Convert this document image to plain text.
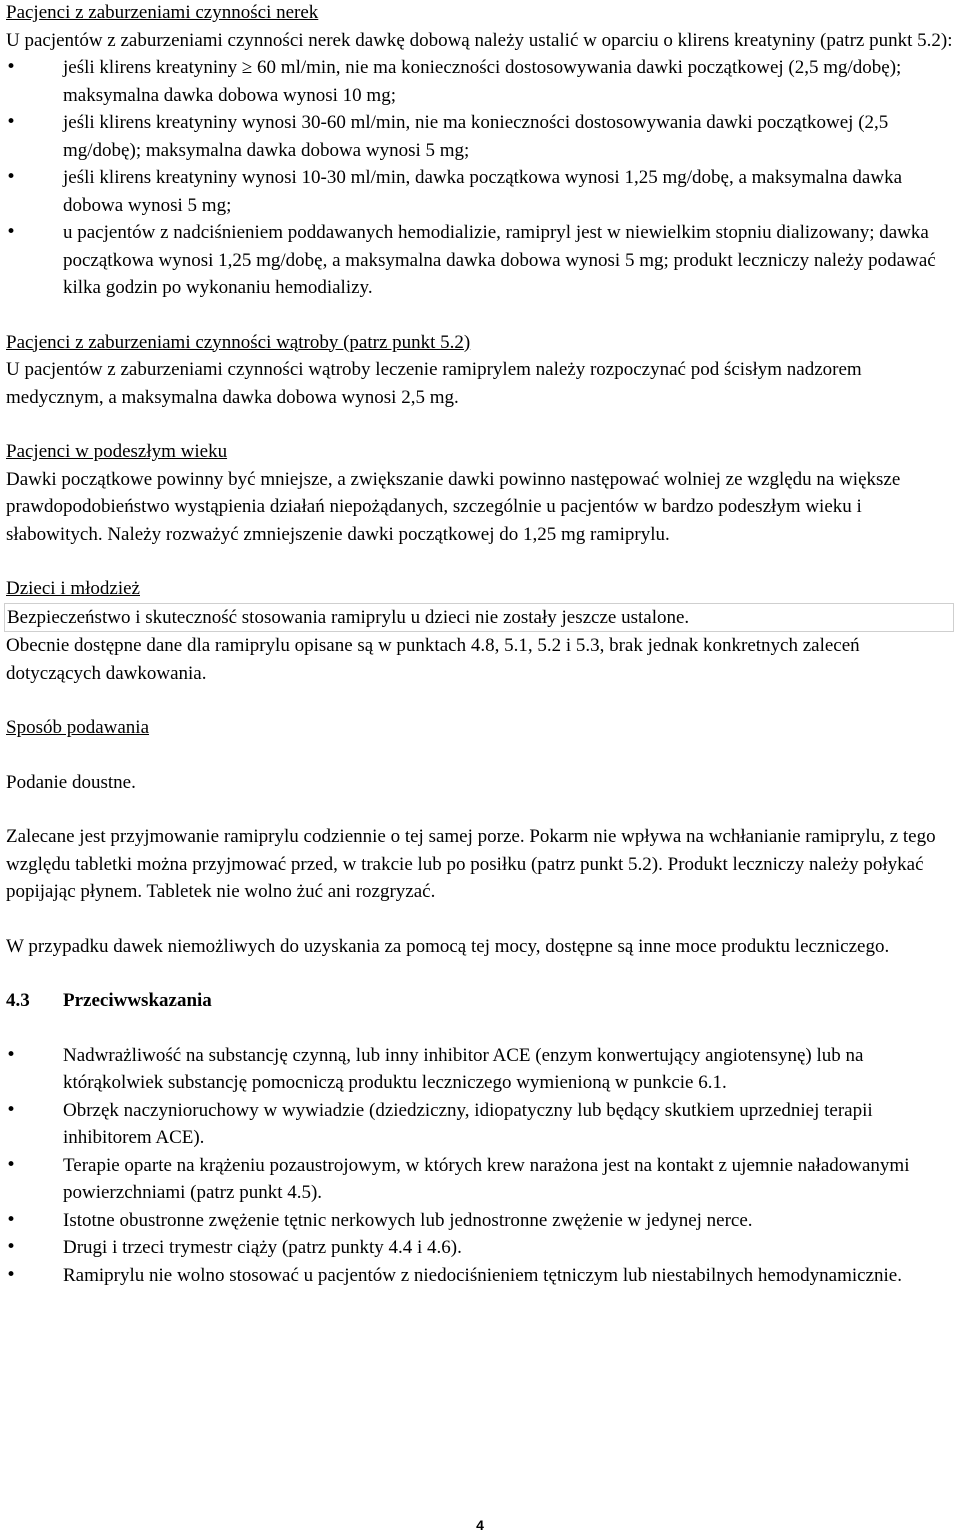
Pacjenci z zaburzeniami czynności nerek

U pacjentów z zaburzeniami czynności nerek dawkę dobową należy ustalić w oparciu o klirens kreatyniny (patrz punkt 5.2):

•	jeśli klirens kreatyniny ≥ 60 ml/min, nie ma konieczności dostosowywania dawki początkowej (2,5 mg/dobę); maksymalna dawka dobowa wynosi 10 mg;
•	jeśli klirens kreatyniny wynosi 30-60 ml/min, nie ma konieczności dostosowywania dawki początkowej (2,5 mg/dobę); maksymalna dawka dobowa wynosi 5 mg;
•	jeśli klirens kreatyniny wynosi 10-30 ml/min, dawka początkowa wynosi 1,25 mg/dobę, a maksymalna dawka dobowa wynosi 5 mg;
•	u pacjentów z nadciśnieniem poddawanych hemodializie, ramipryl jest w niewielkim stopniu dializowany; dawka początkowa wynosi 1,25 mg/dobę, a maksymalna dawka dobowa wynosi 5 mg; produkt leczniczy należy podawać kilka godzin po wykonaniu hemodializy.

Pacjenci z zaburzeniami czynności wątroby (patrz punkt 5.2)

U pacjentów z zaburzeniami czynności wątroby leczenie ramiprylem należy rozpoczynać pod ścisłym nadzorem medycznym, a maksymalna dawka dobowa wynosi 2,5 mg.

Pacjenci w podeszłym wieku

Dawki początkowe powinny być mniejsze, a zwiększanie dawki powinno następować wolniej ze względu na większe prawdopodobieństwo wystąpienia działań niepożądanych, szczególnie u pacjentów w bardzo podeszłym wieku i słabowitych. Należy rozważyć zmniejszenie dawki początkowej do 1,25 mg ramiprylu.

Dzieci i młodzież

Bezpieczeństwo i skuteczność stosowania ramiprylu u dzieci nie zostały jeszcze ustalone.

Obecnie dostępne dane dla ramiprylu opisane są w punktach 4.8, 5.1, 5.2 i 5.3, brak jednak konkretnych zaleceń dotyczących dawkowania.

Sposób podawania

Podanie doustne.

Zalecane jest przyjmowanie ramiprylu codziennie o tej samej porze. Pokarm nie wpływa na wchłanianie ramiprylu, z tego względu tabletki można przyjmować przed, w trakcie lub po posiłku (patrz punkt 5.2). Produkt leczniczy należy połykać popijając płynem. Tabletek nie wolno żuć ani rozgryzać.

W przypadku dawek niemożliwych do uzyskania za pomocą tej mocy, dostępne są inne moce produktu leczniczego.

4.3 Przeciwwskazania

•	Nadwrażliwość na substancję czynną, lub inny inhibitor ACE (enzym konwertujący angiotensynę) lub na którąkolwiek substancję pomocniczą produktu leczniczego wymienioną w punkcie 6.1.
•	Obrzęk naczynioruchowy w wywiadzie (dziedziczny, idiopatyczny lub będący skutkiem uprzedniej terapii inhibitorem ACE).
•	Terapie oparte na krążeniu pozaustrojowym, w których krew narażona jest na kontakt z ujemnie naładowanymi powierzchniami (patrz punkt 4.5).
•	Istotne obustronne zwężenie tętnic nerkowych lub jednostronne zwężenie w jedynej nerce.
•	Drugi i trzeci trymestr ciąży (patrz punkty 4.4 i 4.6).
•	Ramiprylu nie wolno stosować u pacjentów z niedociśnieniem tętniczym lub niestabilnych hemodynamicznie.
4
